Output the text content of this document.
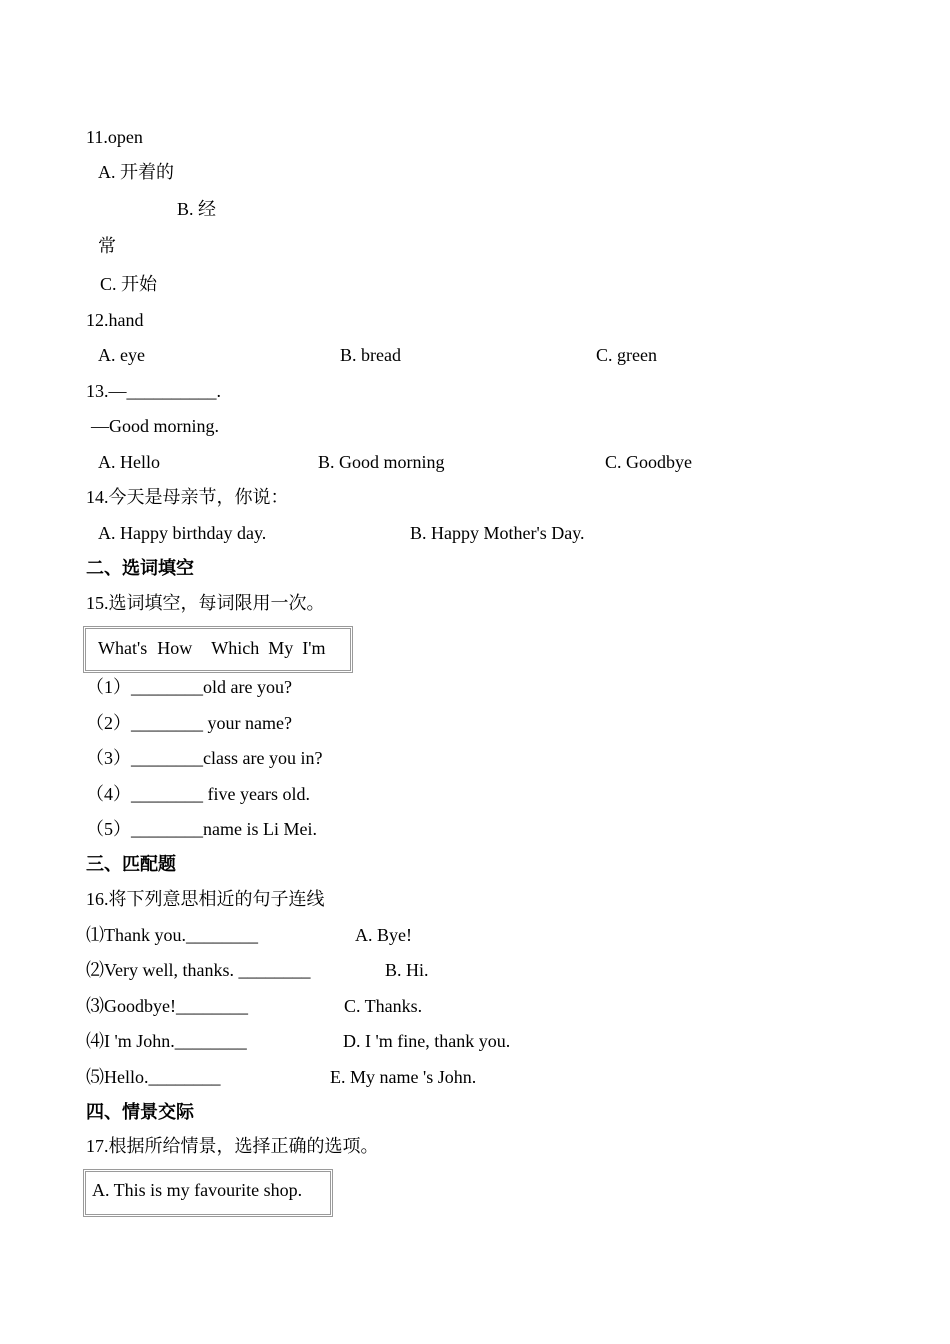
11.open
A. 开着的
B. 经
常
C. 开始
12.hand
A. eye	B. bread	C. green
13.—__________.
—Good morning.
A. Hello	B. Good morning	C. Goodbye
14.今天是母亲节，你说：
A. Happy birthday day.	B. Happy Mother's Day.
二、选词填空
15.选词填空，每词限用一次。
What's How Which My I'm
（1）________old are you?
（2）________ your name?
（3）________class are you in?
（4）________ five years old.
（5）________name is Li Mei.
三、匹配题
16.将下列意思相近的句子连线
⑴Thank you.________	A. Bye!
⑵Very well, thanks. ________	B. Hi.
⑶Goodbye!________	C. Thanks.
⑷I 'm John.________	D. I 'm fine, thank you.
⑸Hello.________	E. My name 's John.
四、情景交际
17.根据所给情景，选择正确的选项。
A. This is my favourite shop.
